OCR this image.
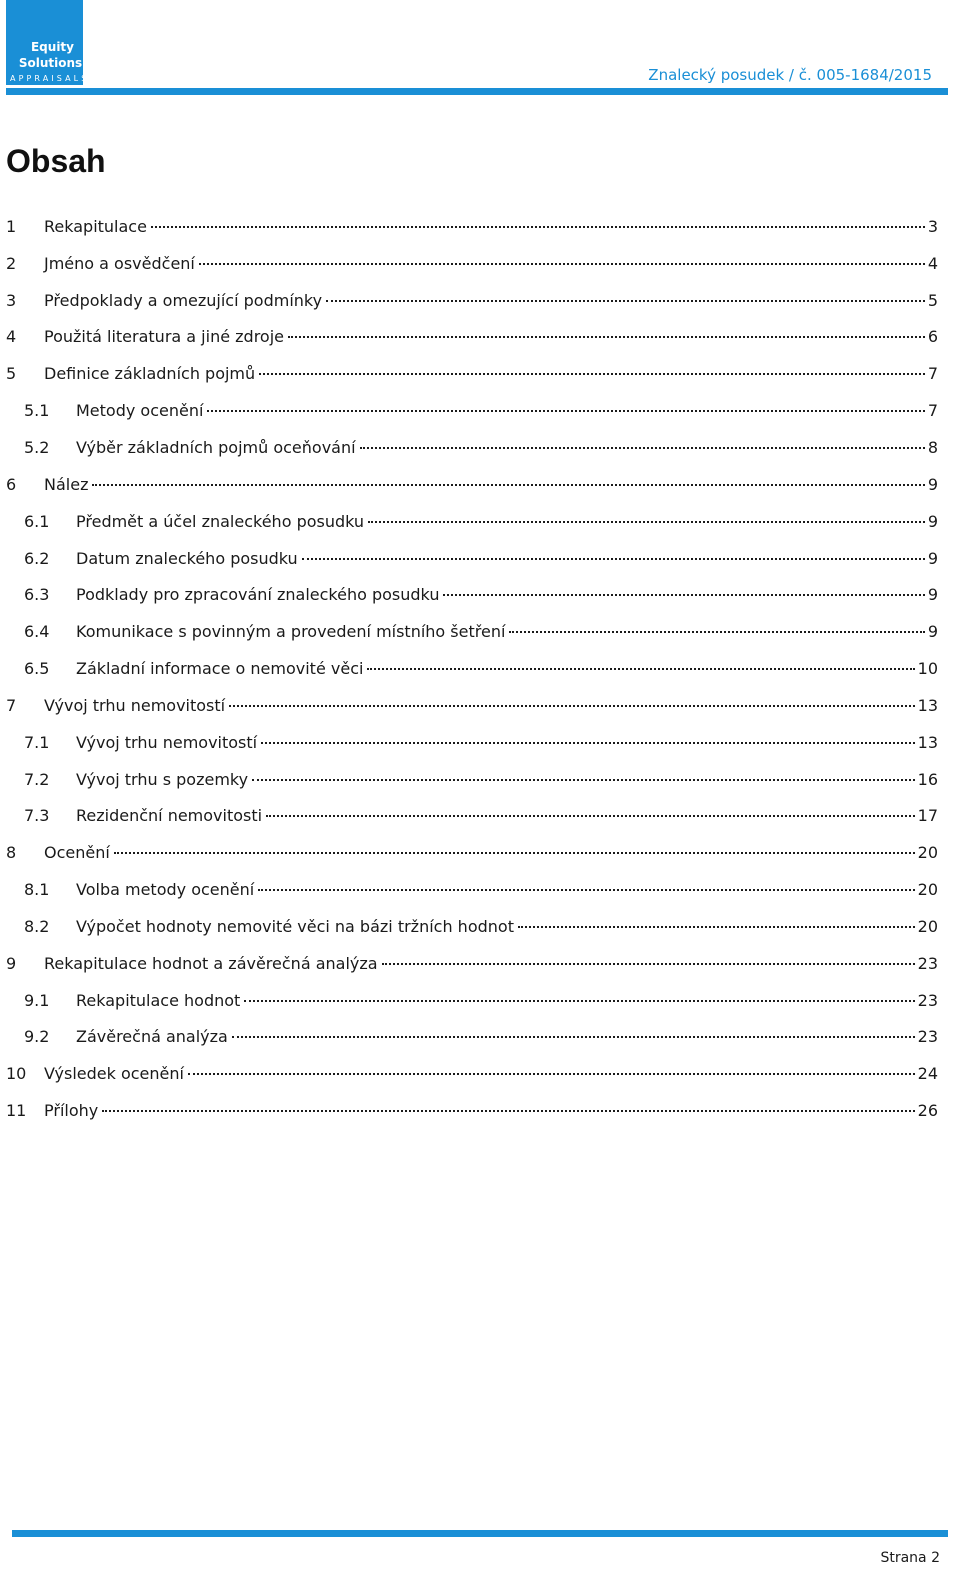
Equity
Solutions
APPRAISALS	Znalecký posudek / č. 005-1684/2015
Obsah
1 Rekapitulace	3
2 Jméno a osvědčení	4
3 Předpoklady a omezující podmínky	5
4 Použitá literatura a jiné zdroje	6
5 Definice základních pojmů	7
5.1 Metody ocenění	7
5.2 Výběr základních pojmů oceňování	8
6 Nález	9
6.1 Předmět a účel znaleckého posudku	9
6.2 Datum znaleckého posudku	9
6.3 Podklady pro zpracování znaleckého posudku	9
6.4 Komunikace s povinným a provedení místního šetření	9
6.5 Základní informace o nemovité věci	10
7 Vývoj trhu nemovitostí	13
7.1 Vývoj trhu nemovitostí	13
7.2 Vývoj trhu s pozemky	16
7.3 Rezidenční nemovitosti	17
8 Ocenění	20
8.1 Volba metody ocenění	20
8.2 Výpočet hodnoty nemovité věci na bázi tržních hodnot	20
9 Rekapitulace hodnot a závěrečná analýza	23
9.1 Rekapitulace hodnot	23
9.2 Závěrečná analýza	23
10 Výsledek ocenění	24
11 Přílohy	26
Strana 2
